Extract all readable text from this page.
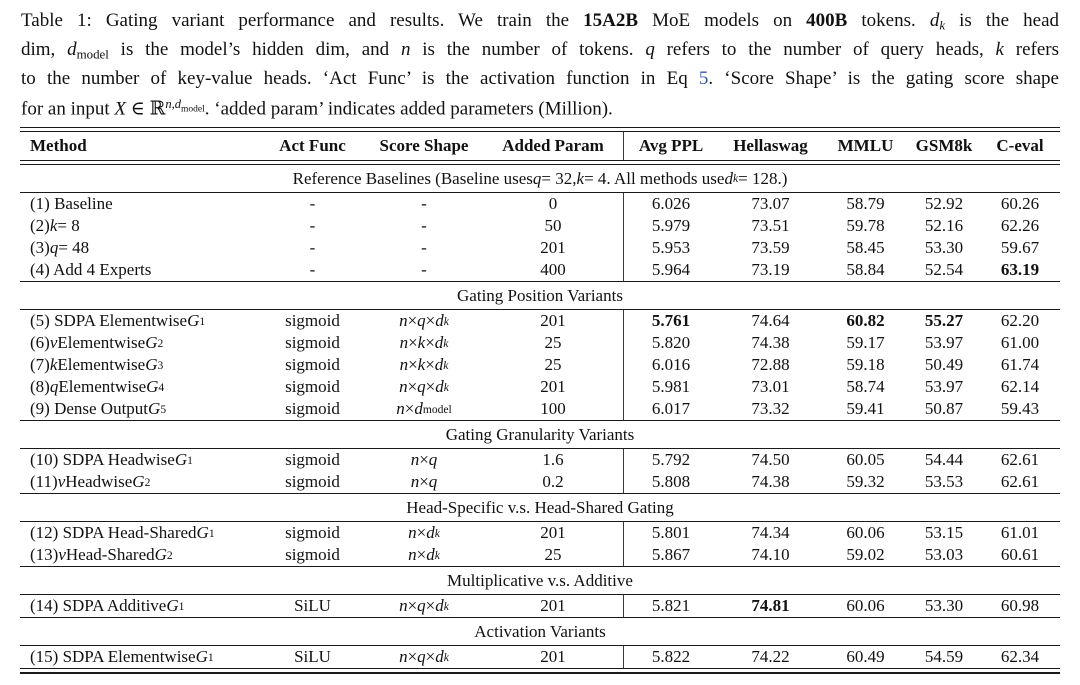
Table 1: Gating variant performance and results. We train the 15A2B MoE models on 400B tokens. dk is the head
dim, dmodel is the model’s hidden dim, and n is the number of tokens. q refers to the number of query heads, k refers
to the number of key-value heads. ‘Act Func’ is the activation function in Eq 5. ‘Score Shape’ is the gating score shape
for an input X ∈ ℝ$^{n,d}$model. ‘added param’ indicates added parameters (Million).
Method	Act Func	Score Shape	Added Param	Avg PPL	Hellaswag	MMLU	GSM8k	C-eval
Reference Baselines (Baseline uses q = 32, k = 4. All methods use d k = 128.)
(1) Baseline	-	-	0	6.026	73.07	58.79	52.92	60.26
(2) k = 8	-	-	50	5.979	73.51	59.78	52.16	62.26
(3) q = 48	-	-	201	5.953	73.59	58.45	53.30	59.67
(4) Add 4 Experts	-	-	400	5.964	73.19	58.84	52.54	63.19
Gating Position Variants
(5) SDPA Elementwise G 1	sigmoid	n × q × d k	201	5.761	74.64	60.82	55.27	62.20
(6) v Elementwise G 2	sigmoid	n × k × d k	25	5.820	74.38	59.17	53.97	61.00
(7) k Elementwise G 3	sigmoid	n × k × d k	25	6.016	72.88	59.18	50.49	61.74
(8) q Elementwise G 4	sigmoid	n × q × d k	201	5.981	73.01	58.74	53.97	62.14
(9) Dense Output G 5	sigmoid	n × d model	100	6.017	73.32	59.41	50.87	59.43
Gating Granularity Variants
(10) SDPA Headwise G 1	sigmoid	n × q	1.6	5.792	74.50	60.05	54.44	62.61
(11) v Headwise G 2	sigmoid	n × q	0.2	5.808	74.38	59.32	53.53	62.61
Head-Specific v.s. Head-Shared Gating
(12) SDPA Head-Shared G 1	sigmoid	n × d k	201	5.801	74.34	60.06	53.15	61.01
(13) v Head-Shared G 2	sigmoid	n × d k	25	5.867	74.10	59.02	53.03	60.61
Multiplicative v.s. Additive
(14) SDPA Additive G 1	SiLU	n × q × d k	201	5.821	74.81	60.06	53.30	60.98
Activation Variants
(15) SDPA Elementwise G 1	SiLU	n × q × d k	201	5.822	74.22	60.49	54.59	62.34
